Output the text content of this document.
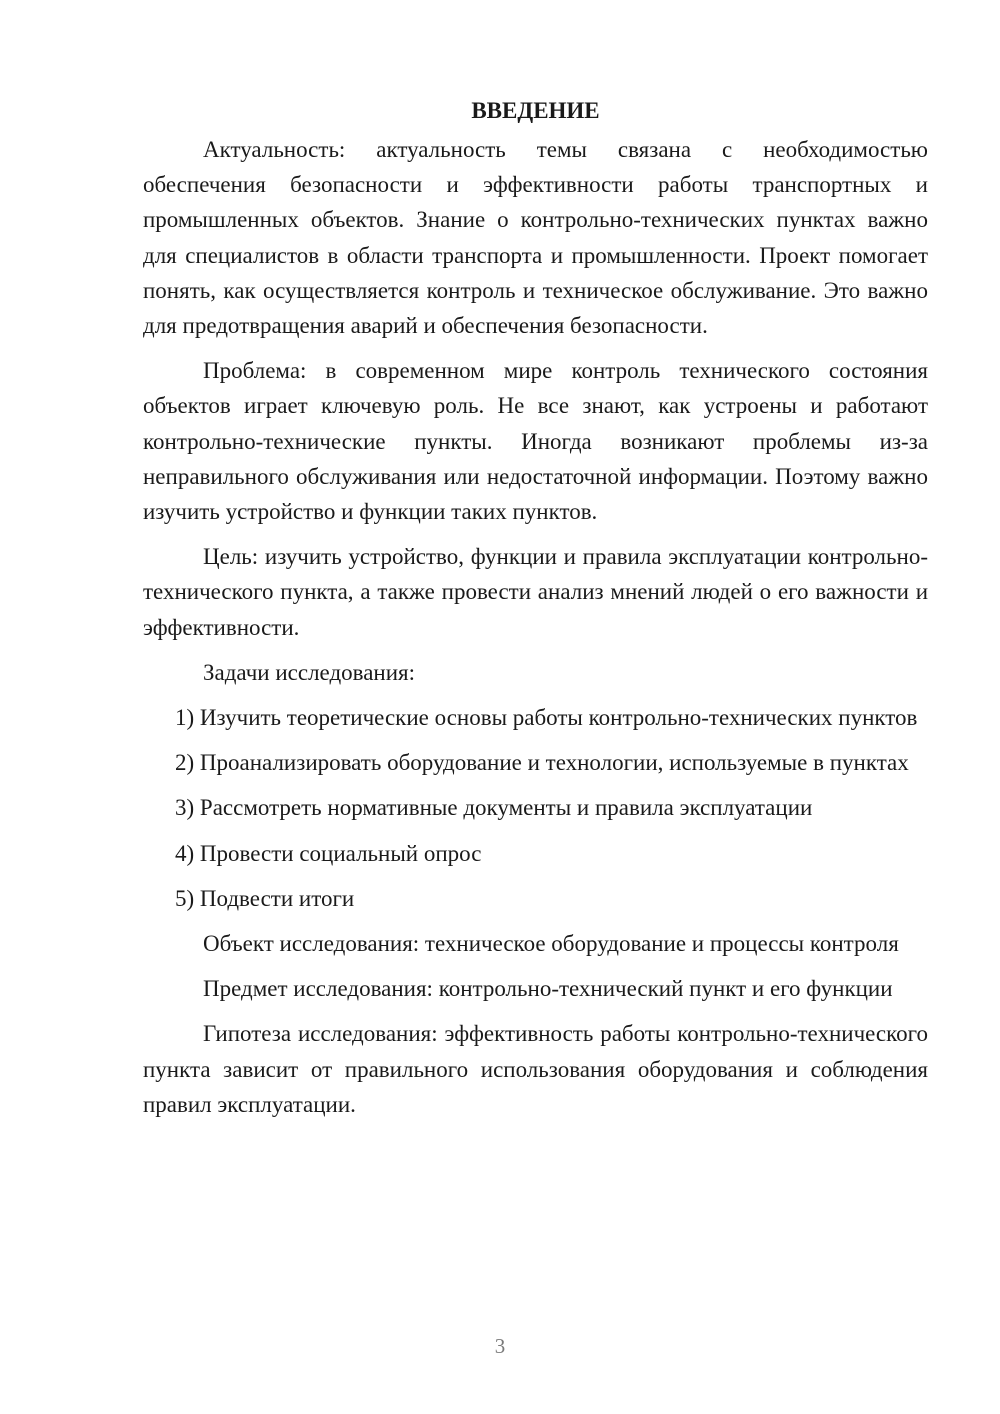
ВВЕДЕНИЕ

Актуальность: актуальность темы связана с необходимостью обеспечения безопасности и эффективности работы транспортных и промышленных объектов. Знание о контрольно-технических пунктах важно для специалистов в области транспорта и промышленности. Проект помогает понять, как осуществляется контроль и техническое обслуживание. Это важно для предотвращения аварий и обеспечения безопасности.

Проблема: в современном мире контроль технического состояния объектов играет ключевую роль. Не все знают, как устроены и работают контрольно-технические пункты. Иногда возникают проблемы из-за неправильного обслуживания или недостаточной информации. Поэтому важно изучить устройство и функции таких пунктов.

Цель: изучить устройство, функции и правила эксплуатации контрольно-технического пункта, а также провести анализ мнений людей о его важности и эффективности.

Задачи исследования:

1) Изучить теоретические основы работы контрольно-технических пунктов

2) Проанализировать оборудование и технологии, используемые в пунктах

3) Рассмотреть нормативные документы и правила эксплуатации

4) Провести социальный опрос

5) Подвести итоги

Объект исследования: техническое оборудование и процессы контроля

Предмет исследования: контрольно-технический пункт и его функции

Гипотеза исследования: эффективность работы контрольно-технического пункта зависит от правильного использования оборудования и соблюдения правил эксплуатации.

3
